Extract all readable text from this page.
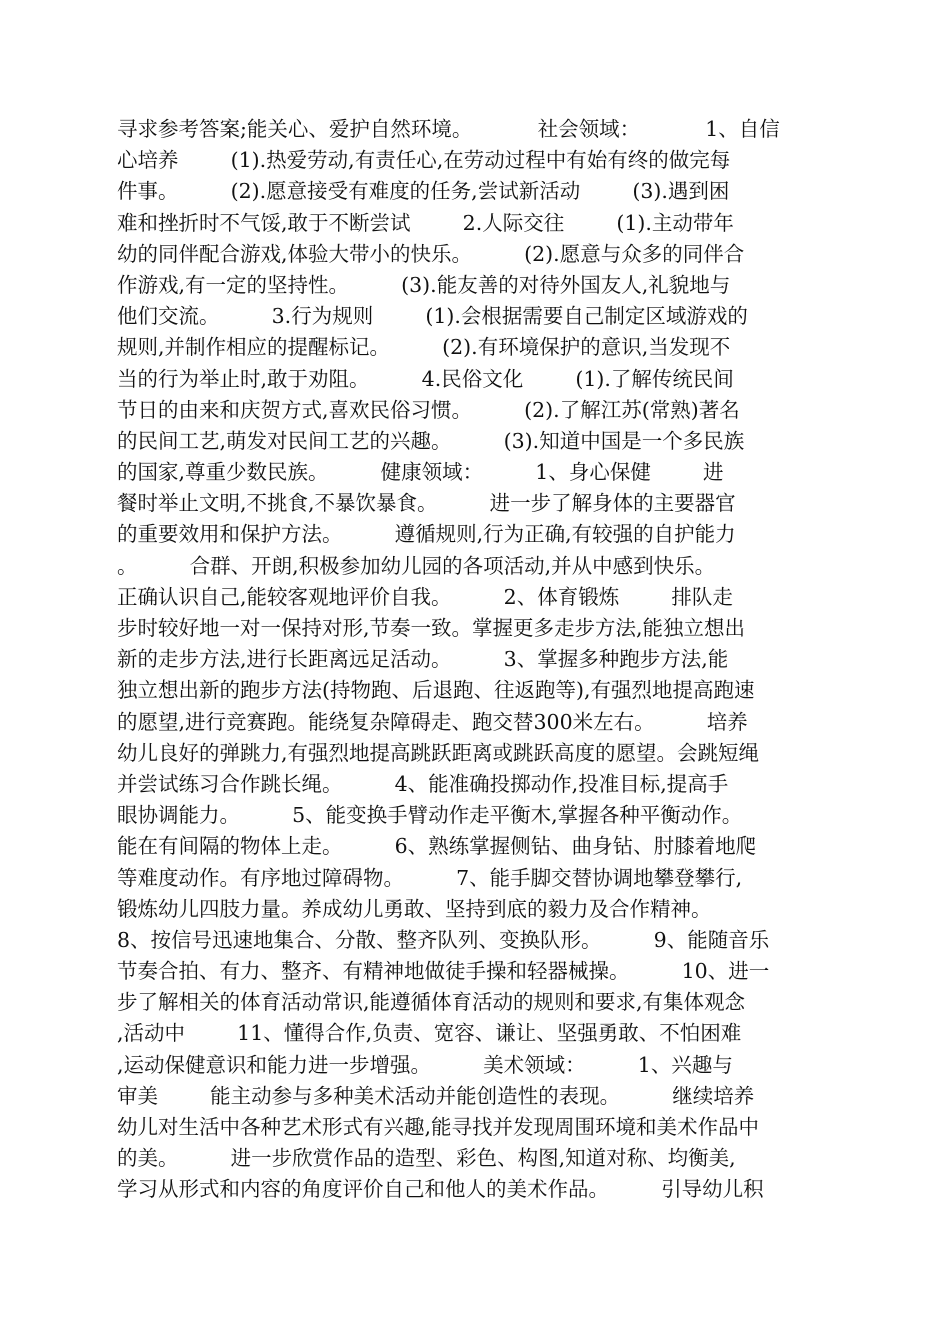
寻求参考答案;能关心、爱护自然环境。          社会领域：          1、自信
心培养        (1).热爱劳动,有责任心,在劳动过程中有始有终的做完每
件事。        (2).愿意接受有难度的任务,尝试新活动        (3).遇到困
难和挫折时不气馁,敢于不断尝试        2.人际交往        (1).主动带年
幼的同伴配合游戏,体验大带小的快乐。        (2).愿意与众多的同伴合
作游戏,有一定的坚持性。        (3).能友善的对待外国友人,礼貌地与
他们交流。        3.行为规则        (1).会根据需要自己制定区域游戏的
规则,并制作相应的提醒标记。        (2).有环境保护的意识,当发现不
当的行为举止时,敢于劝阻。        4.民俗文化        (1).了解传统民间
节日的由来和庆贺方式,喜欢民俗习惯。        (2).了解江苏(常熟)著名
的民间工艺,萌发对民间工艺的兴趣。        (3).知道中国是一个多民族
的国家,尊重少数民族。        健康领域：        1、身心保健        进
餐时举止文明,不挑食,不暴饮暴食。        进一步了解身体的主要器官
的重要效用和保护方法。        遵循规则,行为正确,有较强的自护能力
。        合群、开朗,积极参加幼儿园的各项活动,并从中感到快乐。
正确认识自己,能较客观地评价自我。        2、体育锻炼        排队走
步时较好地一对一保持对形,节奏一致。掌握更多走步方法,能独立想出
新的走步方法,进行长距离远足活动。        3、掌握多种跑步方法,能
独立想出新的跑步方法(持物跑、后退跑、往返跑等),有强烈地提高跑速
的愿望,进行竞赛跑。能绕复杂障碍走、跑交替300米左右。        培养
幼儿良好的弹跳力,有强烈地提高跳跃距离或跳跃高度的愿望。会跳短绳
并尝试练习合作跳长绳。        4、能准确投掷动作,投准目标,提高手
眼协调能力。        5、能变换手臂动作走平衡木,掌握各种平衡动作。
能在有间隔的物体上走。        6、熟练掌握侧钻、曲身钻、肘膝着地爬
等难度动作。有序地过障碍物。        7、能手脚交替协调地攀登攀行,
锻炼幼儿四肢力量。养成幼儿勇敢、坚持到底的毅力及合作精神。
8、按信号迅速地集合、分散、整齐队列、变换队形。        9、能随音乐
节奏合拍、有力、整齐、有精神地做徒手操和轻器械操。        10、进一
步了解相关的体育活动常识,能遵循体育活动的规则和要求,有集体观念
,活动中        11、懂得合作,负责、宽容、谦让、坚强勇敢、不怕困难
,运动保健意识和能力进一步增强。        美术领域：        1、兴趣与
审美        能主动参与多种美术活动并能创造性的表现。        继续培养
幼儿对生活中各种艺术形式有兴趣,能寻找并发现周围环境和美术作品中
的美。        进一步欣赏作品的造型、彩色、构图,知道对称、均衡美,
学习从形式和内容的角度评价自己和他人的美术作品。        引导幼儿积
